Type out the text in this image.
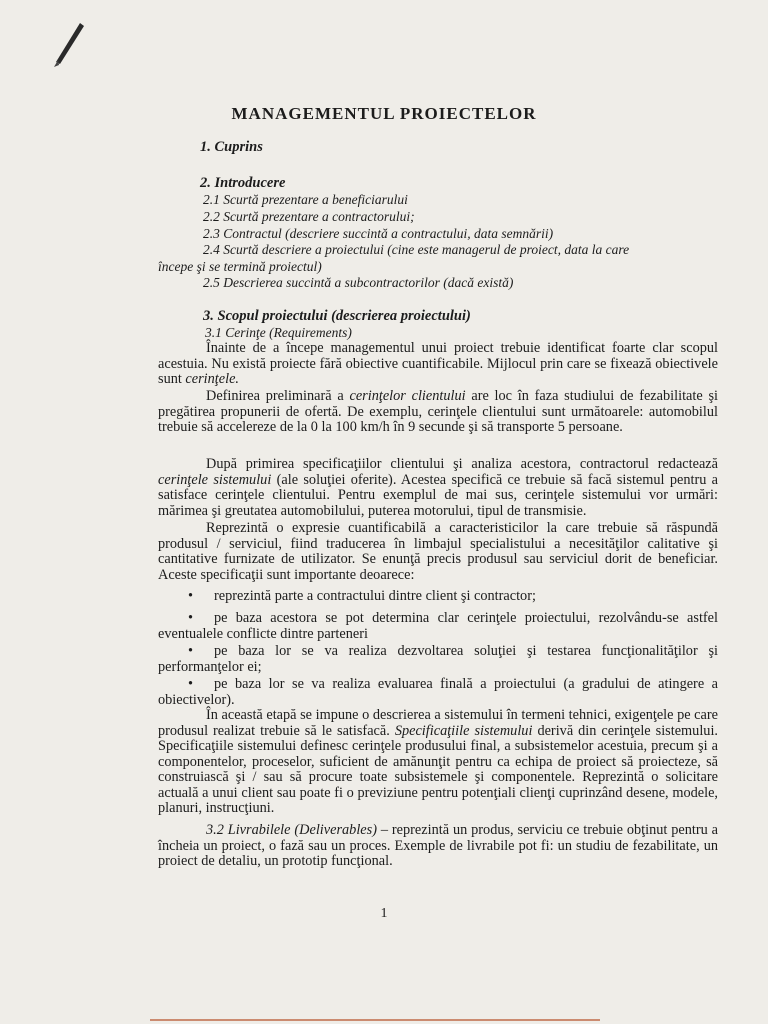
MANAGEMENTUL PROIECTELOR
1. Cuprins
2. Introducere
2.1 Scurtă prezentare a beneficiarului
2.2 Scurtă prezentare a contractorului;
2.3 Contractul (descriere succintă a contractului, data semnării)
2.4 Scurtă descriere a proiectului (cine este managerul de proiect, data la care
începe şi se termină proiectul)
2.5 Descrierea succintă a subcontractorilor (dacă există)
3. Scopul proiectului (descrierea proiectului)
3.1 Cerinţe (Requirements)
Înainte de a începe managementul unui proiect trebuie identificat foarte clar scopul acestuia. Nu există proiecte fără obiective cuantificabile. Mijlocul prin care se fixează obiectivele sunt cerinţele.
Definirea preliminară a cerinţelor clientului are loc în faza studiului de fezabilitate şi pregătirea propunerii de ofertă. De exemplu, cerinţele clientului sunt următoarele: automobilul trebuie să accelereze de la 0 la 100 km/h în 9 secunde şi să transporte 5 persoane.
După primirea specificaţiilor clientului şi analiza acestora, contractorul redactează cerinţele sistemului (ale soluţiei oferite). Acestea specifică ce trebuie să facă sistemul pentru a satisface cerinţele clientului. Pentru exemplul de mai sus, cerinţele sistemului vor urmări: mărimea şi greutatea automobilului, puterea motorului, tipul de transmisie.
Reprezintă o expresie cuantificabilă a caracteristicilor la care trebuie să răspundă produsul / serviciul, fiind traducerea în limbajul specialistului a necesităţilor calitative şi cantitative furnizate de utilizator. Se enunţă precis produsul sau serviciul dorit de beneficiar. Aceste specificaţii sunt importante deoarece:
• reprezintă parte a contractului dintre client şi contractor;
• pe baza acestora se pot determina clar cerinţele proiectului, rezolvându-se astfel eventualele conflicte dintre parteneri
• pe baza lor se va realiza dezvoltarea soluţiei şi testarea funcţionalităţilor şi performanţelor ei;
• pe baza lor se va realiza evaluarea finală a proiectului (a gradului de atingere a obiectivelor).
În această etapă se impune o descrierea a sistemului în termeni tehnici, exigenţele pe care produsul realizat trebuie să le satisfacă. Specificaţiile sistemului derivă din cerinţele sistemului. Specificaţiile sistemului definesc cerinţele produsului final, a subsistemelor acestuia, precum şi a componentelor, proceselor, suficient de amănunţit pentru ca echipa de proiect să proiecteze, să construiască şi / sau să procure toate subsistemele şi componentele. Reprezintă o solicitare actuală a unui client sau poate fi o previziune pentru potenţiali clienţi cuprinzând desene, modele, planuri, instrucţiuni.
3.2 Livrabilele (Deliverables) – reprezintă un produs, serviciu ce trebuie obţinut pentru a încheia un proiect, o fază sau un proces. Exemple de livrabile pot fi: un studiu de fezabilitate, un proiect de detaliu, un prototip funcţional.
1
